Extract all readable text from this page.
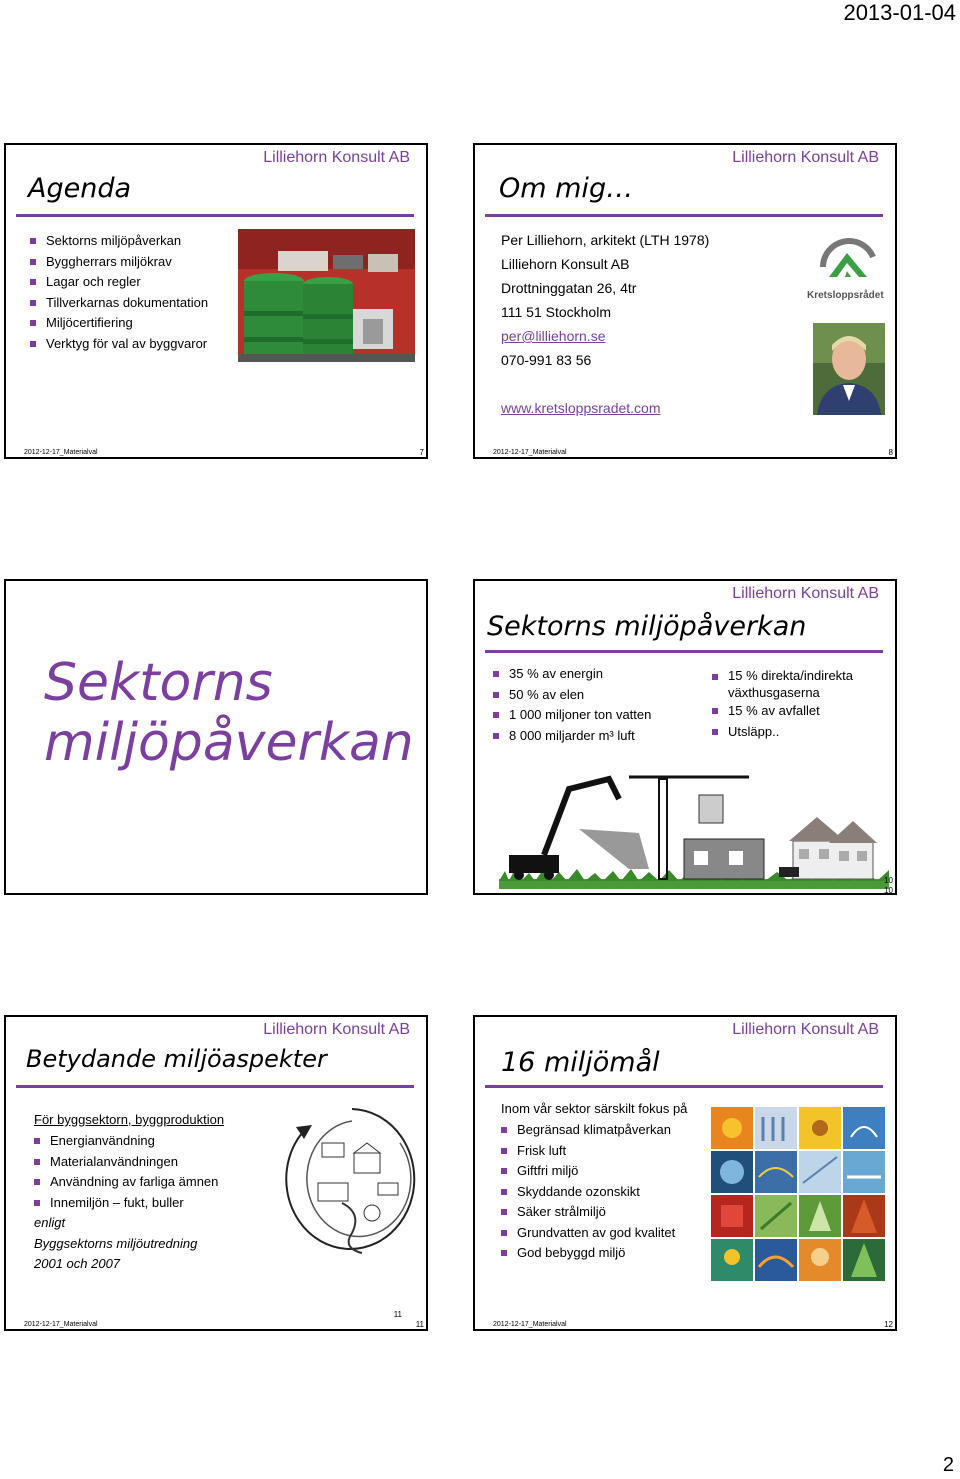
2013-01-04
Lilliehorn Konsult AB
Agenda
Sektorns miljöpåverkan
Byggherrars miljökrav
Lagar och regler
Tillverkarnas dokumentation
Miljöcertifiering
Verktyg för val av byggvaror
2012-12-17_Materialval	7
Lilliehorn Konsult AB
Om mig…
Per Lilliehorn, arkitekt (LTH 1978)
Lilliehorn Konsult AB
Drottninggatan 26, 4tr
111 51 Stockholm
per@lilliehorn.se
070-991 83 56
www.kretsloppsradet.com
Kretsloppsrådet
2012-12-17_Materialval	8
Sektorns
miljöpåverkan
Lilliehorn Konsult AB
Sektorns miljöpåverkan
35 % av energin
50 % av elen
1 000 miljoner ton vatten
8 000 miljarder m³ luft
15 % direkta/indirekta växthusgaserna
15 % av avfallet
Utsläpp..
10
10
Lilliehorn Konsult AB
Betydande miljöaspekter
För byggsektorn, byggproduktion
Energianvändning
Materialanvändningen
Användning av farliga ämnen
Innemiljön – fukt, buller
enligt
Byggsektorns miljöutredning
2001 och 2007
11
2012-12-17_Materialval	11
Lilliehorn Konsult AB
16 miljömål
Inom vår sektor särskilt fokus på
Begränsad klimatpåverkan
Frisk luft
Giftfri miljö
Skyddande ozonskikt
Säker strålmiljö
Grundvatten av god kvalitet
God bebyggd miljö
2012-12-17_Materialval	12
2
